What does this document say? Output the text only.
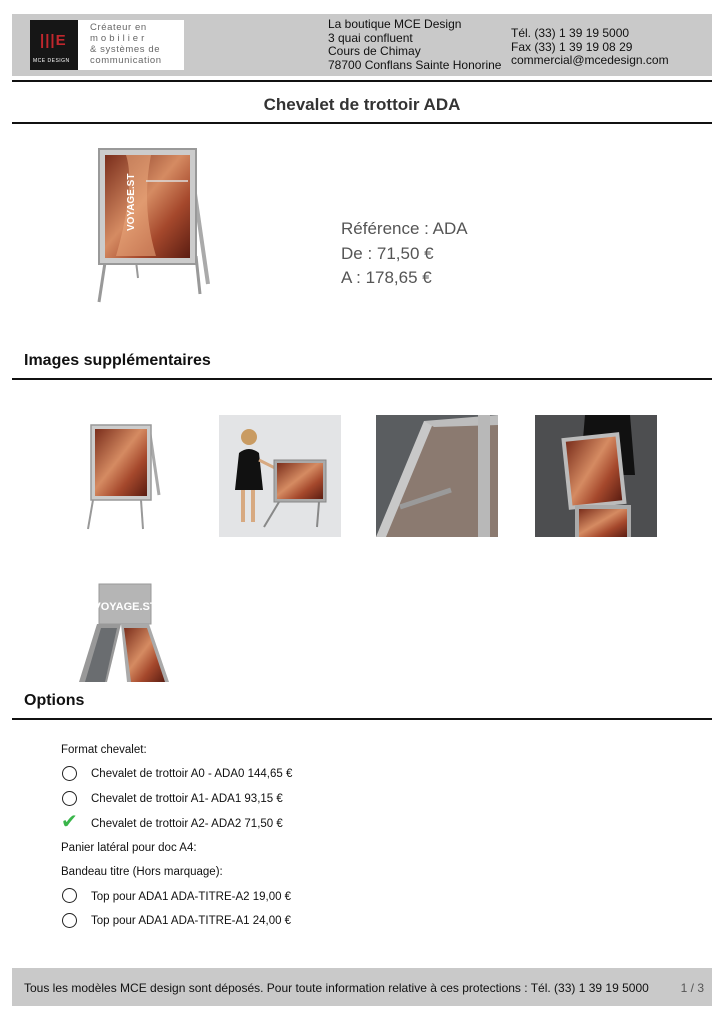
|||E
MCE DESIGN
Créateur en
mobilier
& systèmes de
communication
La boutique MCE Design
3 quai confluent
Cours de Chimay
78700 Conflans Sainte Honorine
Tél. (33) 1 39 19 5000
Fax (33) 1 39 19 08 29
commercial@mcedesign.com
Chevalet de trottoir ADA
VOYAGE.ST	Référence : ADA
De : 71,50 €
A : 178,65 €
Images supplémentaires
VOYAGE.ST
Options
Format chevalet:
Chevalet de trottoir A0 - ADA0 144,65 €
Chevalet de trottoir A1- ADA1 93,15 €
✔ Chevalet de trottoir A2- ADA2 71,50 €
Panier latéral pour doc A4:
Bandeau titre (Hors marquage):
Top pour ADA1 ADA-TITRE-A2 19,00 €
Top pour ADA1 ADA-TITRE-A1 24,00 €
Tous les modèles MCE design sont déposés. Pour toute information relative à ces protections : Tél. (33) 1 39 19 5000	1 / 3
